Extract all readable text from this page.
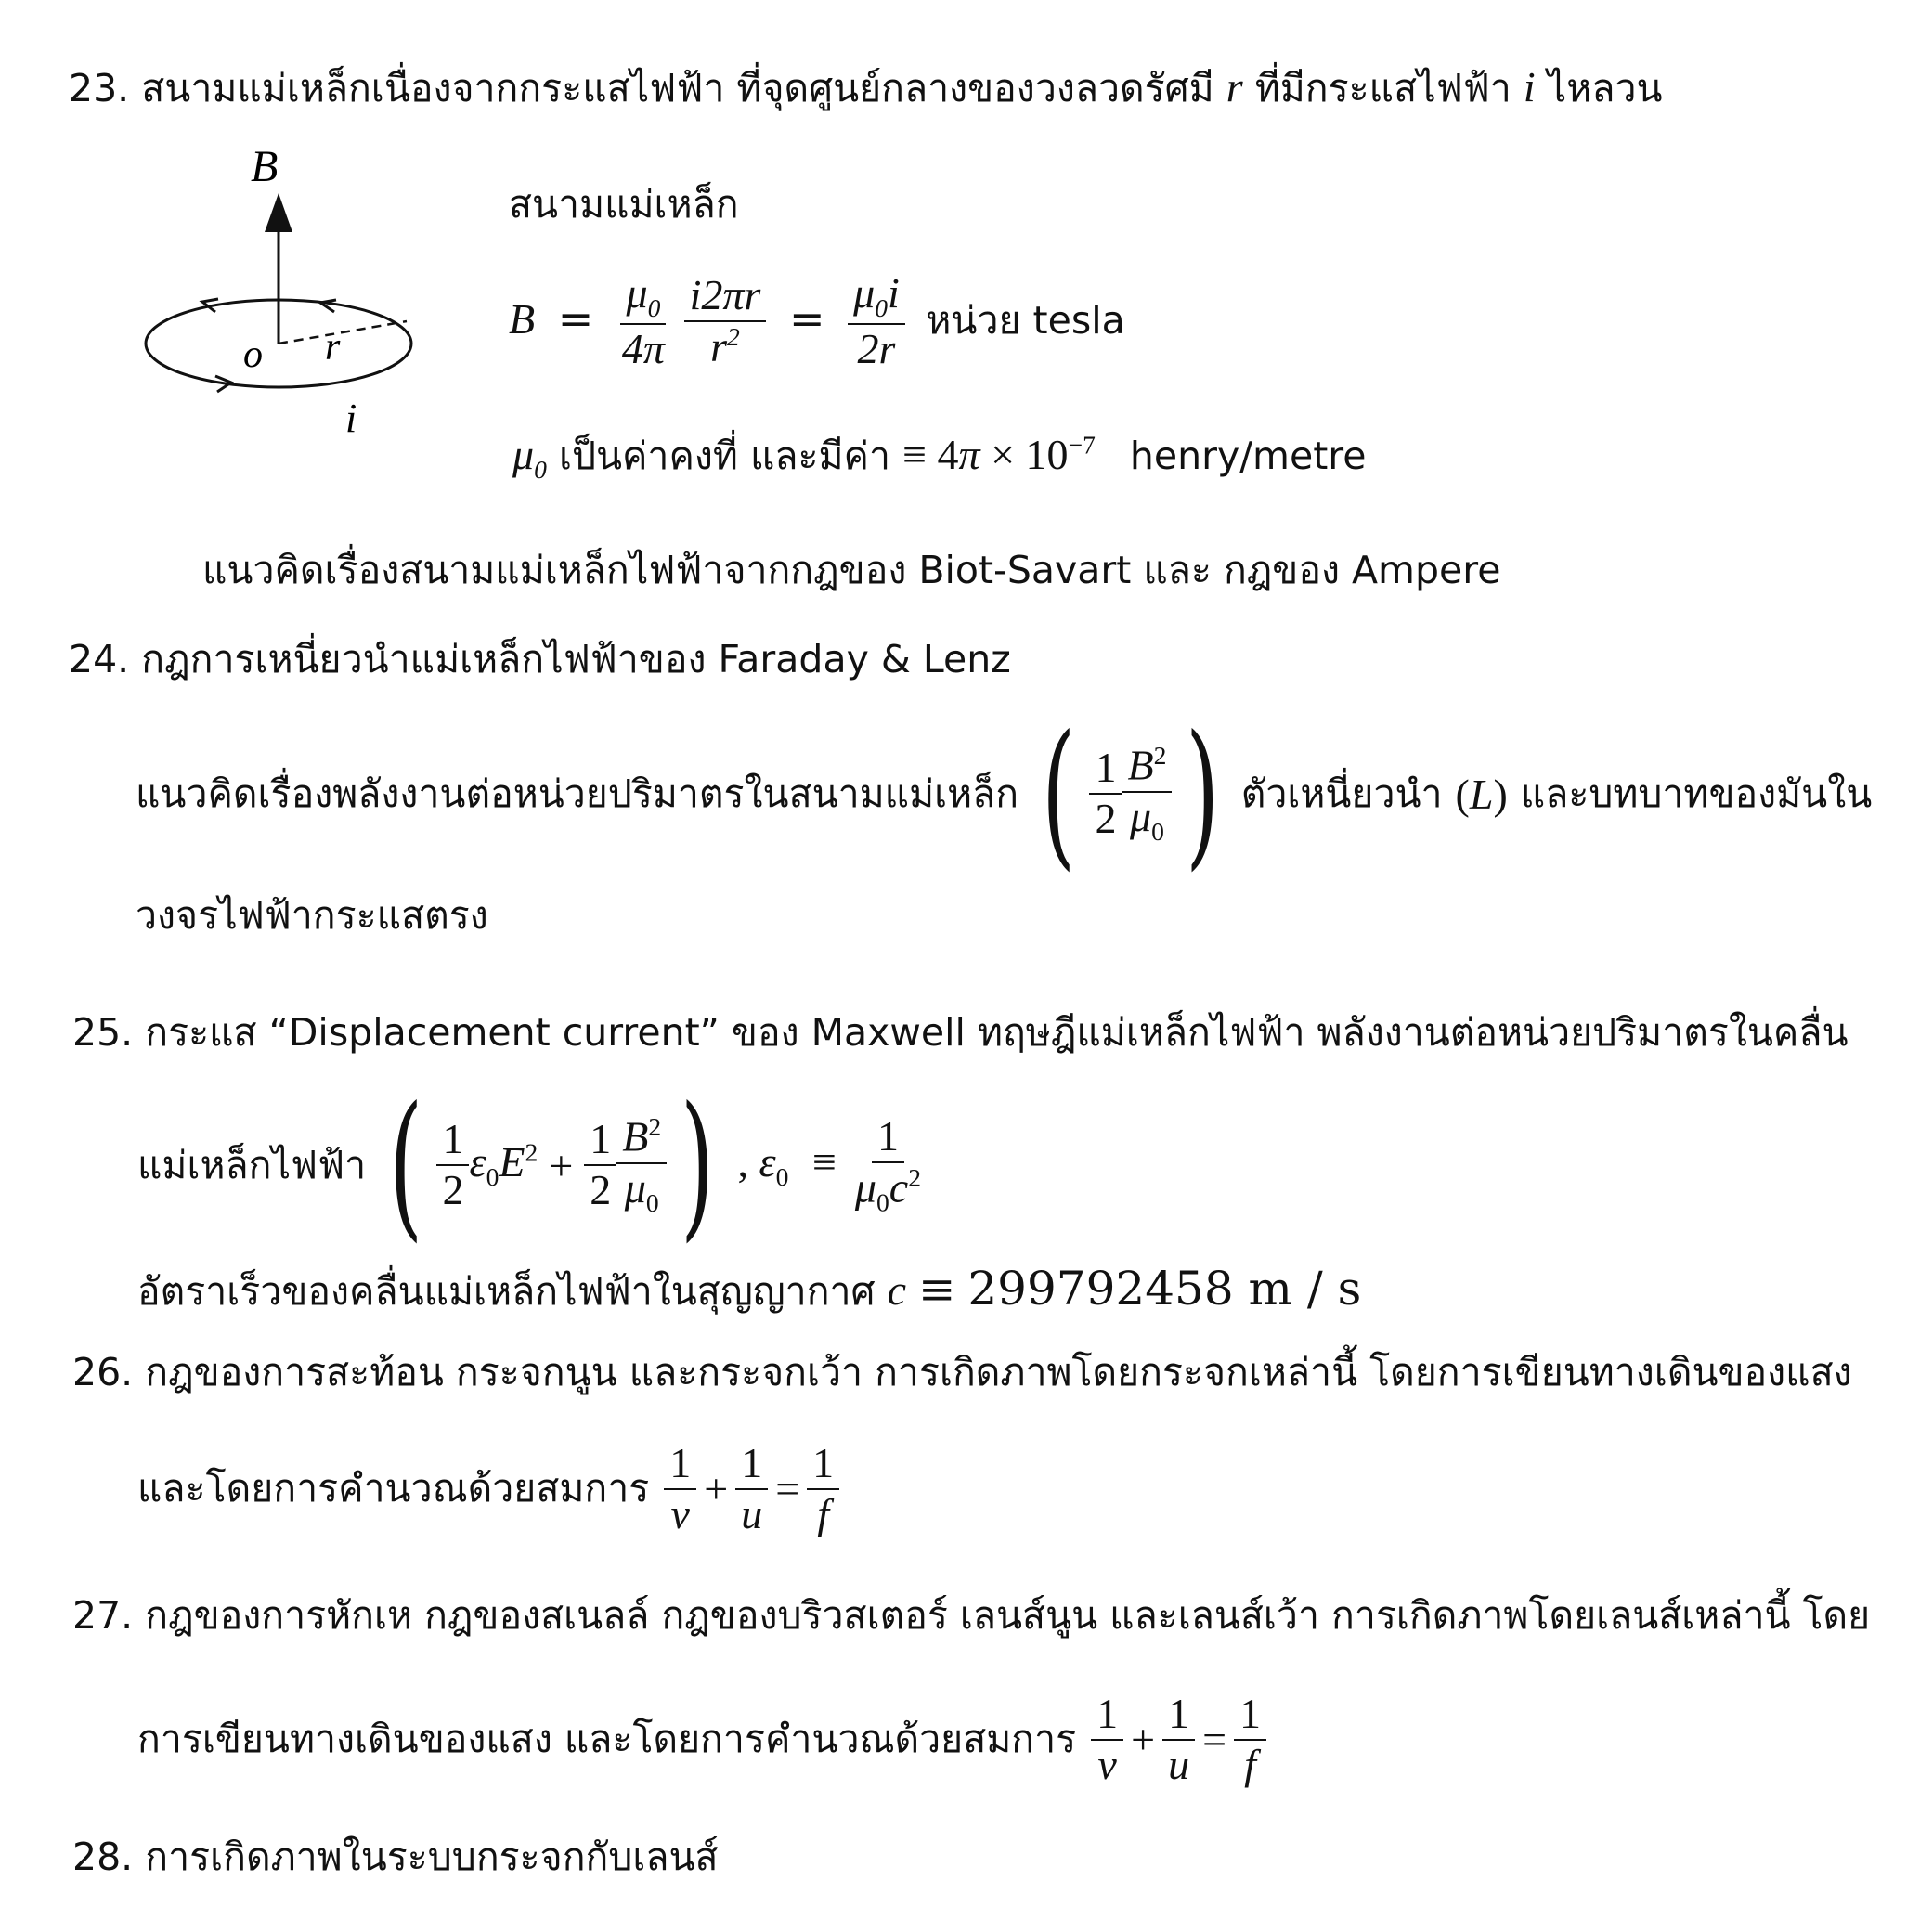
23. สนามแม่เหล็กเนื่องจากกระแสไฟฟ้า ที่จุดศูนย์กลางของวงลวดรัศมี r ที่มีกระแสไฟฟ้า i ไหลวน
B
o r
i
สนามแม่เหล็ก
$B = \frac{\mu_0}{4\pi}$
$\frac{i2\pi r}{r^2} = \frac{\mu_0i}{2r}$ หน่วย tesla
$\mu_0$ เป็นค่าคงที่ และมีค่า ≡ $4\pi \times 10^{-7}$ henry/metre
แนวคิดเรื่องสนามแม่เหล็กไฟฟ้าจากกฎของ Biot-Savart และ กฎของ Ampere
24. กฎการเหนี่ยวนำแม่เหล็กไฟฟ้าของ Faraday & Lenz
แนวคิดเรื่องพลังงานต่อหน่วยปริมาตรในสนามแม่เหล็ก ( $\frac{1}{2} \frac{B^2}{\mu_0}$ ) ตัวเหนี่ยวนำ (L) และบทบาทของมันใน
วงจรไฟฟ้ากระแสตรง
25. กระแส “Displacement current” ของ Maxwell ทฤษฎีแม่เหล็กไฟฟ้า พลังงานต่อหน่วยปริมาตรในคลื่น
แม่เหล็กไฟฟ้า ( $\frac{1}{2} \varepsilon_0E^2 + \frac{1}{2} \frac{B^2}{\mu_0}$ ) , $\varepsilon_0 \equiv \frac{1}{\mu_0c^2}$
อัตราเร็วของคลื่นแม่เหล็กไฟฟ้าในสุญญากาศ c ≡ 299792458 m / s
26. กฎของการสะท้อน กระจกนูน และกระจกเว้า การเกิดภาพโดยกระจกเหล่านี้ โดยการเขียนทางเดินของแสง
และโดยการคำนวณด้วยสมการ $\frac{1}{v} + \frac{1}{u} = \frac{1}{f}$
27. กฎของการหักเห กฎของสเนลล์ กฎของบริวสเตอร์ เลนส์นูน และเลนส์เว้า การเกิดภาพโดยเลนส์เหล่านี้ โดย
การเขียนทางเดินของแสง และโดยการคำนวณด้วยสมการ $\frac{1}{v} + \frac{1}{u} = \frac{1}{f}$
28. การเกิดภาพในระบบกระจกกับเลนส์
